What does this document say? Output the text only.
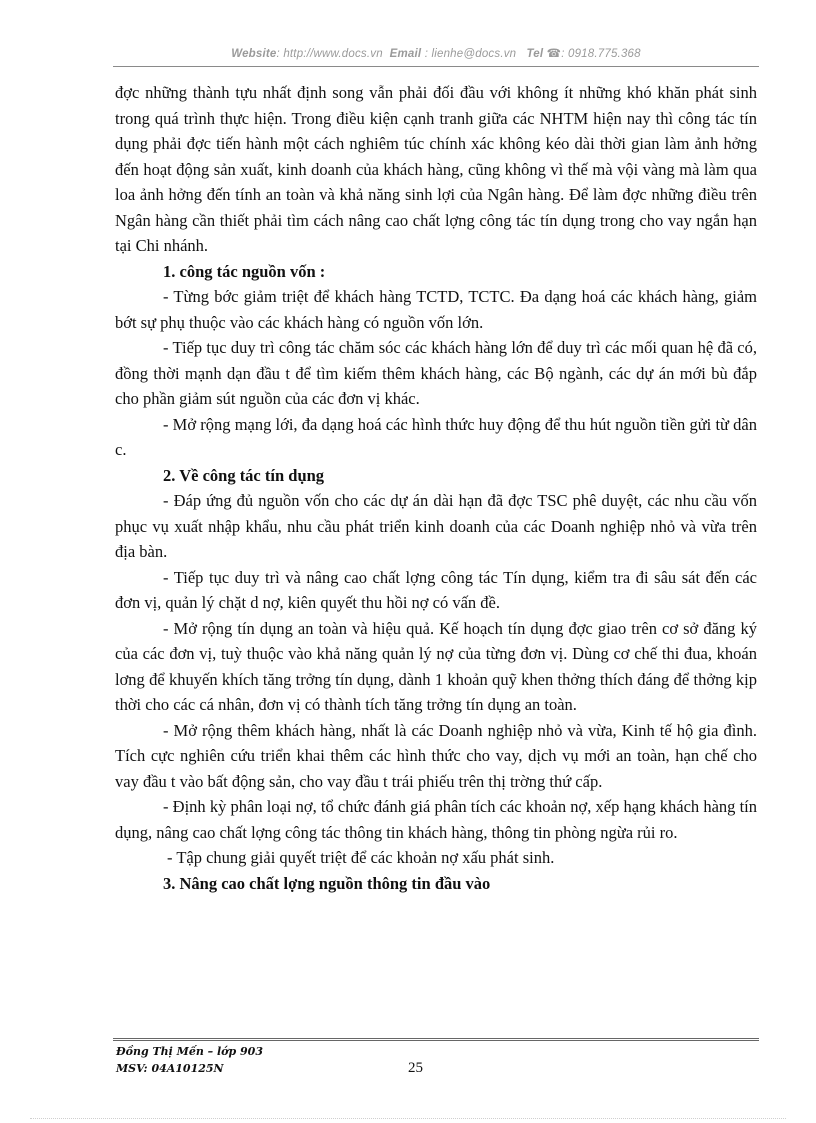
Website: http://www.docs.vn Email : lienhe@docs.vn Tel ☎: 0918.775.368

đợc những thành tựu nhất định song vẫn phải đối đầu với không ít những khó khăn phát sinh trong quá trình thực hiện. Trong điều kiện cạnh tranh giữa các NHTM hiện nay thì công tác tín dụng phải đợc tiến hành một cách nghiêm túc chính xác không kéo dài thời gian làm ảnh hởng đến hoạt động sản xuất, kinh doanh của khách hàng, cũng không vì thế mà vội vàng mà làm qua loa ảnh hởng đến tính an toàn và khả năng sinh lợi của Ngân hàng. Để làm đợc những điều trên Ngân hàng cần thiết phải tìm cách nâng cao chất lợng công tác tín dụng trong cho vay ngắn hạn tại Chi nhánh.

1. công tác nguồn vốn :

- Từng bớc giảm triệt để khách hàng TCTD, TCTC. Đa dạng hoá các khách hàng, giảm bớt sự phụ thuộc vào các khách hàng có nguồn vốn lớn.

- Tiếp tục duy trì công tác chăm sóc các khách hàng lớn để duy trì các mối quan hệ đã có, đồng thời mạnh dạn đầu t để tìm kiếm thêm khách hàng, các Bộ ngành, các dự án mới bù đắp cho phần giảm sút nguồn của các đơn vị khác.

- Mở rộng mạng lới, đa dạng hoá các hình thức huy động để thu hút nguồn tiền gửi từ dân c.

2. Về công tác tín dụng

- Đáp ứng đủ nguồn vốn cho các dự án dài hạn đã đợc TSC phê duyệt, các nhu cầu vốn phục vụ xuất nhập khẩu, nhu cầu phát triển kinh doanh của các Doanh nghiệp nhỏ và vừa trên địa bàn.

- Tiếp tục duy trì và nâng cao chất lợng công tác Tín dụng, kiểm tra đi sâu sát đến các đơn vị, quản lý chặt d nợ, kiên quyết thu hồi nợ có vấn đề.

- Mở rộng tín dụng an toàn và hiệu quả. Kế hoạch tín dụng đợc giao trên cơ sở đăng ký của các đơn vị, tuỳ thuộc vào khả năng quản lý nợ của từng đơn vị. Dùng cơ chế thi đua, khoán lơng để khuyến khích tăng trởng tín dụng, dành 1 khoản quỹ khen thởng thích đáng để thởng kịp thời cho các cá nhân, đơn vị có thành tích tăng trởng tín dụng an toàn.

- Mở rộng thêm khách hàng, nhất là các Doanh nghiệp nhỏ và vừa, Kinh tế hộ gia đình. Tích cực nghiên cứu triển khai thêm các hình thức cho vay, dịch vụ mới an toàn, hạn chế cho vay đầu t vào bất động sản, cho vay đầu t trái phiếu trên thị trờng thứ cấp.

- Định kỳ phân loại nợ, tổ chức đánh giá phân tích các khoản nợ, xếp hạng khách hàng tín dụng, nâng cao chất lợng công tác thông tin khách hàng, thông tin phòng ngừa rủi ro.

- Tập chung giải quyết triệt để các khoản nợ xấu phát sinh.

3. Nâng cao chất lợng nguồn thông tin đầu vào

Đồng Thị Mến – lớp 903
MSV: 04A10125N	25
